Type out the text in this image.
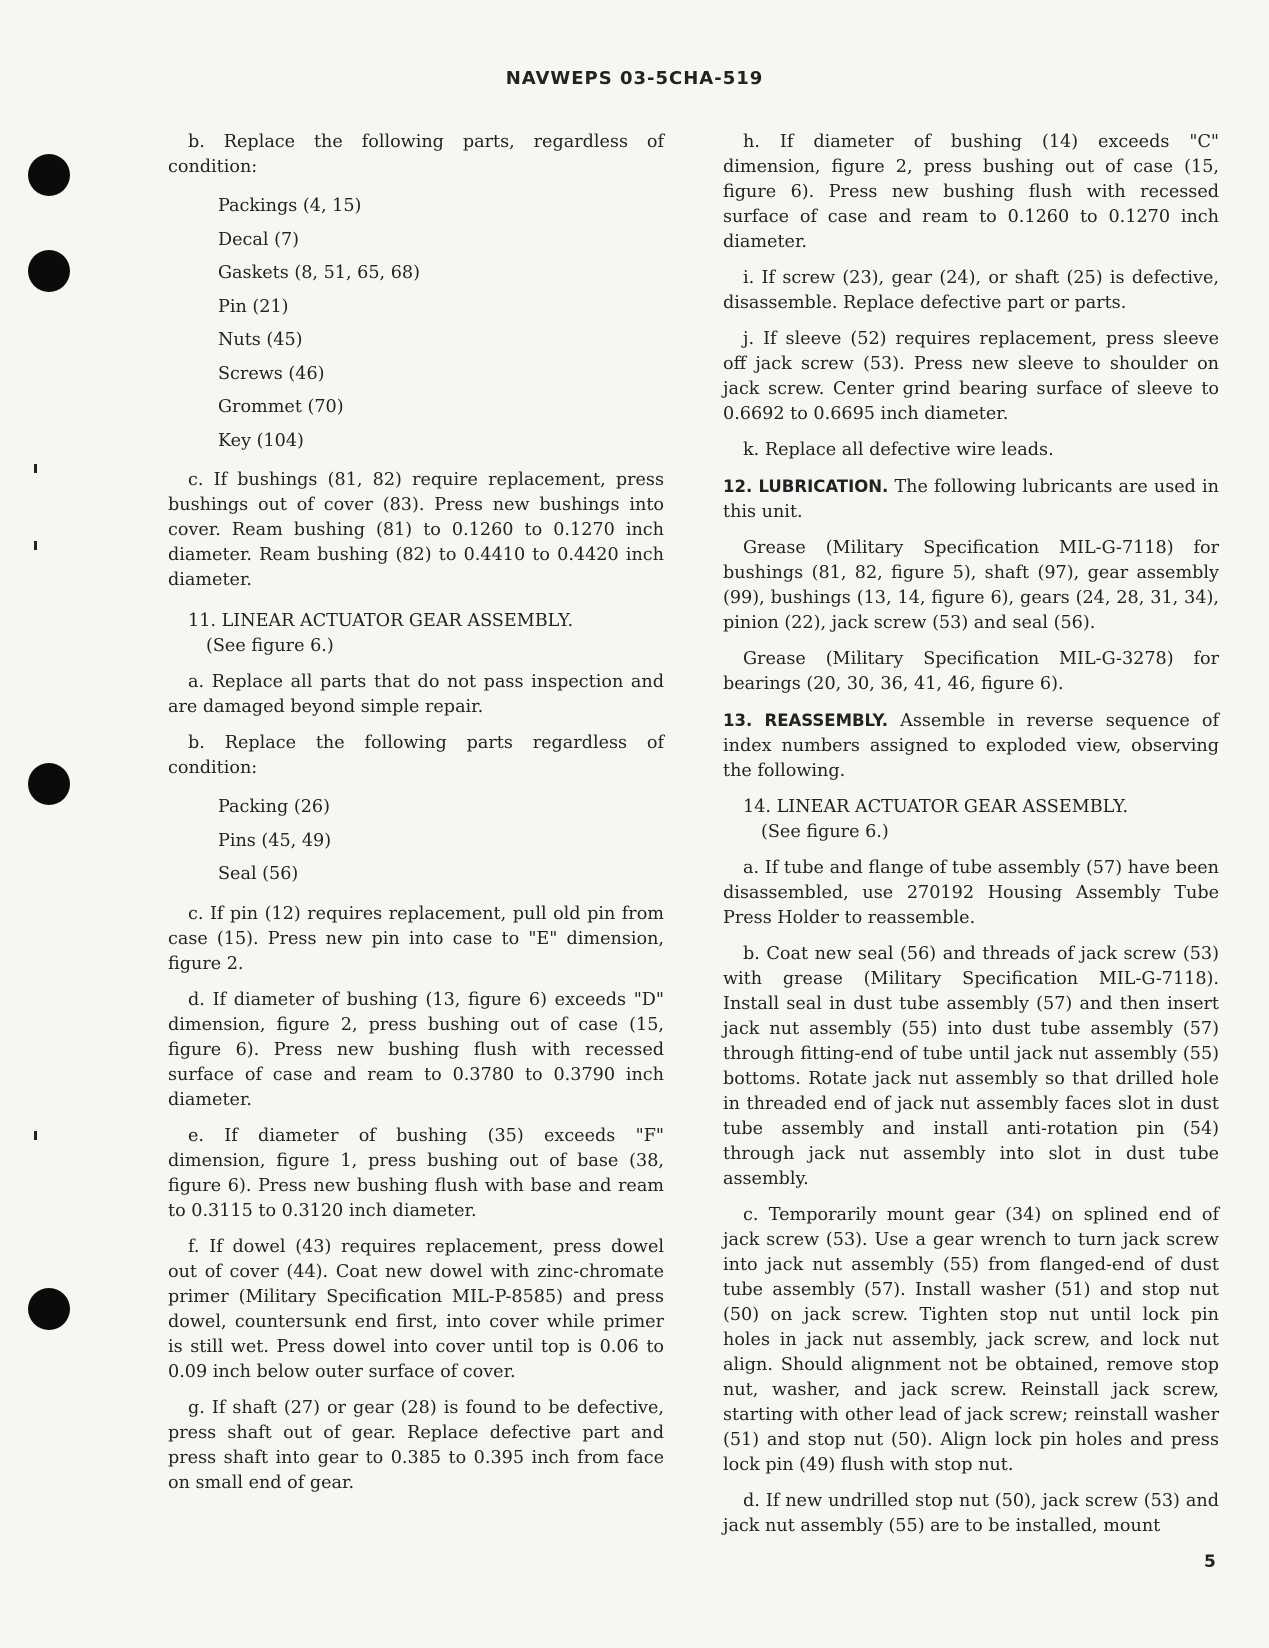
NAVWEPS 03-5CHA-519

b. Replace the following parts, regardless of condition:

Packings (4, 15)
Decal (7)
Gaskets (8, 51, 65, 68)
Pin (21)
Nuts (45)
Screws (46)
Grommet (70)
Key (104)

c. If bushings (81, 82) require replacement, press bushings out of cover (83). Press new bushings into cover. Ream bushing (81) to 0.1260 to 0.1270 inch diameter. Ream bushing (82) to 0.4410 to 0.4420 inch diameter.

11. LINEAR ACTUATOR GEAR ASSEMBLY.
(See figure 6.)

a. Replace all parts that do not pass inspection and are damaged beyond simple repair.

b. Replace the following parts regardless of condition:

Packing (26)
Pins (45, 49)
Seal (56)

c. If pin (12) requires replacement, pull old pin from case (15). Press new pin into case to "E" dimension, figure 2.

d. If diameter of bushing (13, figure 6) exceeds "D" dimension, figure 2, press bushing out of case (15, figure 6). Press new bushing flush with recessed surface of case and ream to 0.3780 to 0.3790 inch diameter.

e. If diameter of bushing (35) exceeds "F" dimension, figure 1, press bushing out of base (38, figure 6). Press new bushing flush with base and ream to 0.3115 to 0.3120 inch diameter.

f. If dowel (43) requires replacement, press dowel out of cover (44). Coat new dowel with zinc-chromate primer (Military Specification MIL-P-8585) and press dowel, countersunk end first, into cover while primer is still wet. Press dowel into cover until top is 0.06 to 0.09 inch below outer surface of cover.

g. If shaft (27) or gear (28) is found to be defective, press shaft out of gear. Replace defective part and press shaft into gear to 0.385 to 0.395 inch from face on small end of gear.

h. If diameter of bushing (14) exceeds "C" dimension, figure 2, press bushing out of case (15, figure 6). Press new bushing flush with recessed surface of case and ream to 0.1260 to 0.1270 inch diameter.

i. If screw (23), gear (24), or shaft (25) is defective, disassemble. Replace defective part or parts.

j. If sleeve (52) requires replacement, press sleeve off jack screw (53). Press new sleeve to shoulder on jack screw. Center grind bearing surface of sleeve to 0.6692 to 0.6695 inch diameter.

k. Replace all defective wire leads.

12. LUBRICATION. The following lubricants are used in this unit.

Grease (Military Specification MIL-G-7118) for bushings (81, 82, figure 5), shaft (97), gear assembly (99), bushings (13, 14, figure 6), gears (24, 28, 31, 34), pinion (22), jack screw (53) and seal (56).

Grease (Military Specification MIL-G-3278) for bearings (20, 30, 36, 41, 46, figure 6).

13. REASSEMBLY. Assemble in reverse sequence of index numbers assigned to exploded view, observing the following.

14. LINEAR ACTUATOR GEAR ASSEMBLY.
(See figure 6.)

a. If tube and flange of tube assembly (57) have been disassembled, use 270192 Housing Assembly Tube Press Holder to reassemble.

b. Coat new seal (56) and threads of jack screw (53) with grease (Military Specification MIL-G-7118). Install seal in dust tube assembly (57) and then insert jack nut assembly (55) into dust tube assembly (57) through fitting-end of tube until jack nut assembly (55) bottoms. Rotate jack nut assembly so that drilled hole in threaded end of jack nut assembly faces slot in dust tube assembly and install anti-rotation pin (54) through jack nut assembly into slot in dust tube assembly.

c. Temporarily mount gear (34) on splined end of jack screw (53). Use a gear wrench to turn jack screw into jack nut assembly (55) from flanged-end of dust tube assembly (57). Install washer (51) and stop nut (50) on jack screw. Tighten stop nut until lock pin holes in jack nut assembly, jack screw, and lock nut align. Should alignment not be obtained, remove stop nut, washer, and jack screw. Reinstall jack screw, starting with other lead of jack screw; reinstall washer (51) and stop nut (50). Align lock pin holes and press lock pin (49) flush with stop nut.

d. If new undrilled stop nut (50), jack screw (53) and jack nut assembly (55) are to be installed, mount

5
